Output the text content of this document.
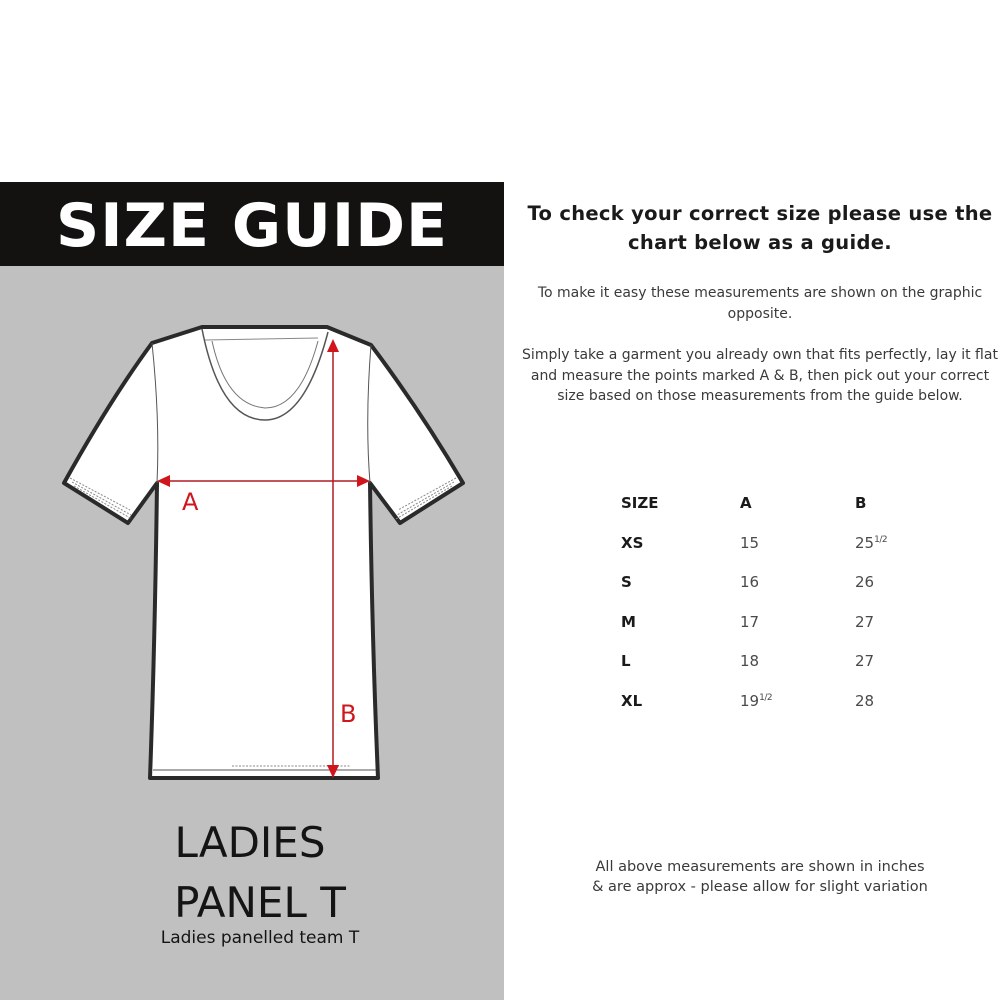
SIZE GUIDE
A
B
LADIES
PANEL T
Ladies panelled team T
To check your correct size please use the chart below as a guide.
To make it easy these measurements are shown on the graphic opposite.
Simply take a garment you already own that fits perfectly, lay it flat and measure the points marked A & B, then pick out your correct size based on those measurements from the guide below.
SIZE	A	B
XS	15	$25^{1/2}$
S	16	26
M	17	27
L	18	27
XL	$19^{1/2}$	28
All above measurements are shown in inches
& are approx - please allow for slight variation
